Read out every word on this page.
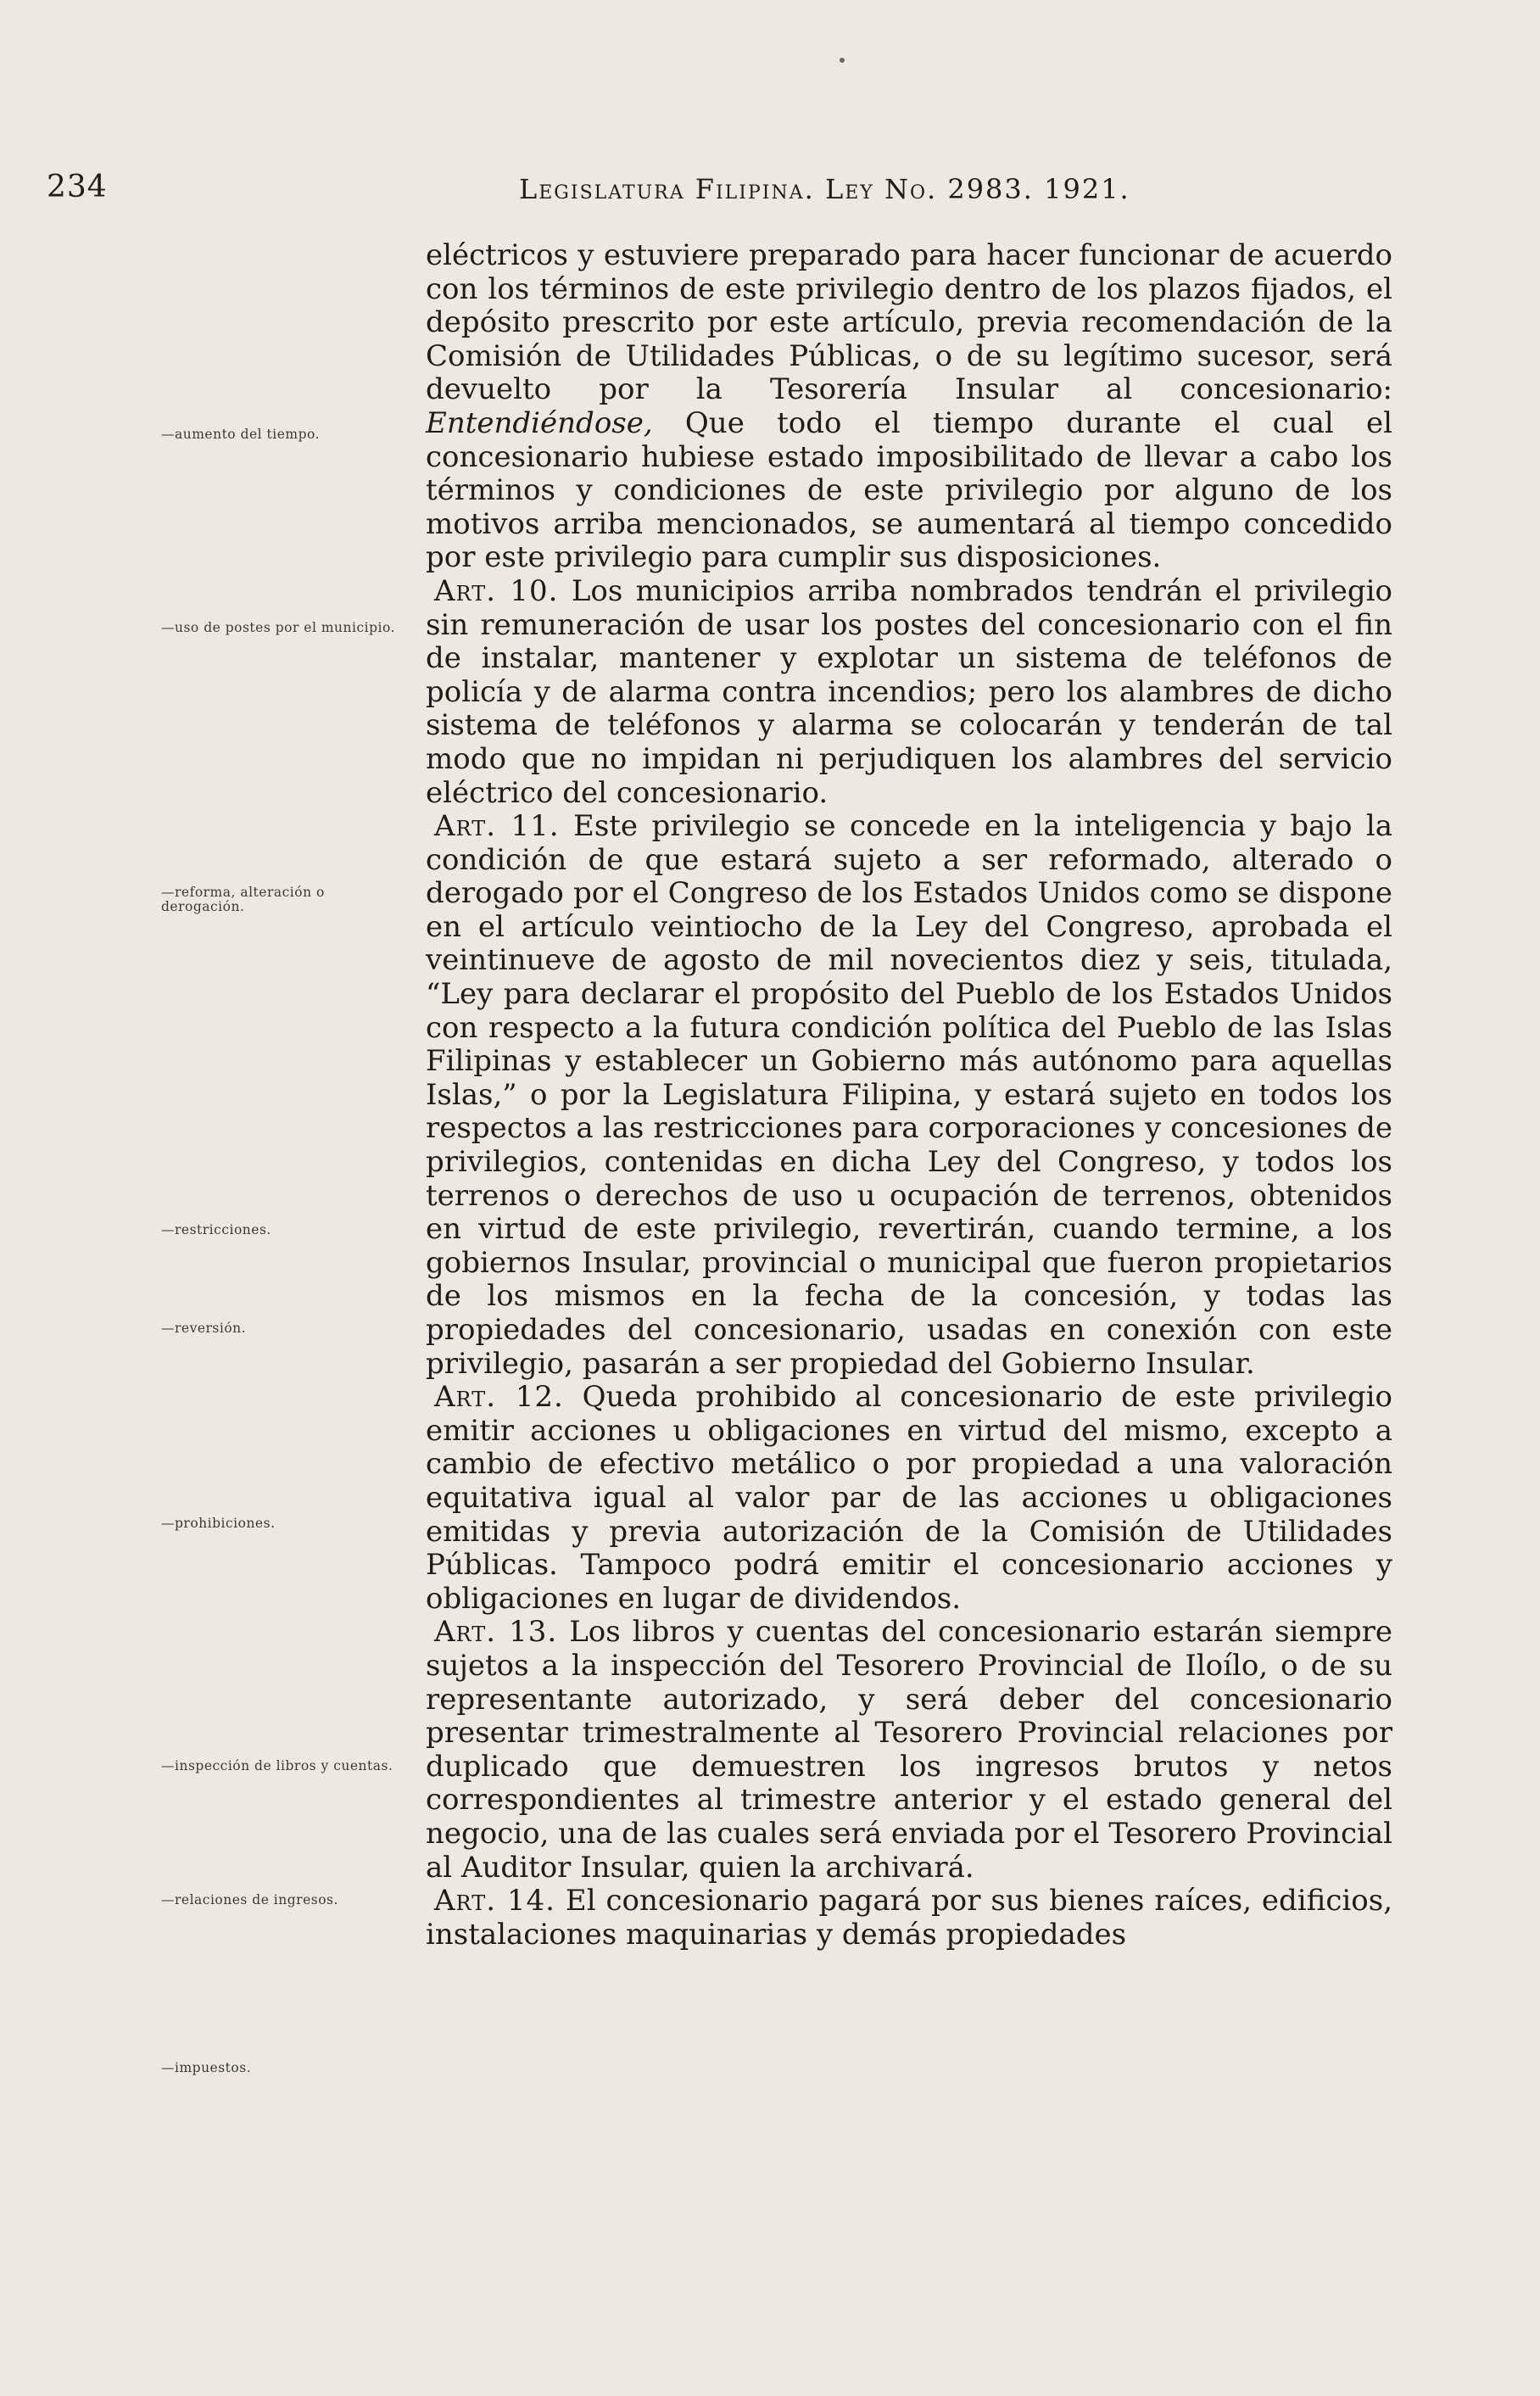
234	Legislatura Filipina. Ley No. 2983. 1921.
—aumento del tiempo.
—uso de postes por el municipio.
—reforma, alteración o derogación.
—restricciones.
—reversión.
—prohibiciones.
—inspección de libros y cuentas.
—relaciones de ingresos.
—impuestos.

eléctricos y estuviere preparado para hacer funcionar de acuerdo con los términos de este privilegio dentro de los plazos fijados, el depósito prescrito por este artículo, previa recomendación de la Comisión de Utilidades Públicas, o de su legítimo sucesor, será devuelto por la Tesorería Insular al concesionario: Entendiéndose, Que todo el tiempo durante el cual el concesionario hubiese estado imposibilitado de llevar a cabo los términos y condiciones de este privilegio por alguno de los motivos arriba mencionados, se aumentará al tiempo concedido por este privilegio para cumplir sus disposiciones.

Art. 10. Los municipios arriba nombrados tendrán el privilegio sin remuneración de usar los postes del concesionario con el fin de instalar, mantener y explotar un sistema de teléfonos de policía y de alarma contra incendios; pero los alambres de dicho sistema de teléfonos y alarma se colocarán y tenderán de tal modo que no impidan ni perjudiquen los alambres del servicio eléctrico del concesionario.

Art. 11. Este privilegio se concede en la inteligencia y bajo la condición de que estará sujeto a ser reformado, alterado o derogado por el Congreso de los Estados Unidos como se dispone en el artículo veintiocho de la Ley del Congreso, aprobada el veintinueve de agosto de mil novecientos diez y seis, titulada, “Ley para declarar el propósito del Pueblo de los Estados Unidos con respecto a la futura condición política del Pueblo de las Islas Filipinas y establecer un Gobierno más autónomo para aquellas Islas,” o por la Legislatura Filipina, y estará sujeto en todos los respectos a las restricciones para corporaciones y concesiones de privilegios, contenidas en dicha Ley del Congreso, y todos los terrenos o derechos de uso u ocupación de terrenos, obtenidos en virtud de este privilegio, revertirán, cuando termine, a los gobiernos Insular, provincial o municipal que fueron propietarios de los mismos en la fecha de la concesión, y todas las propiedades del concesionario, usadas en conexión con este privilegio, pasarán a ser propiedad del Gobierno Insular.

Art. 12. Queda prohibido al concesionario de este privilegio emitir acciones u obligaciones en virtud del mismo, excepto a cambio de efectivo metálico o por propiedad a una valoración equitativa igual al valor par de las acciones u obligaciones emitidas y previa autorización de la Comisión de Utilidades Públicas. Tampoco podrá emitir el concesionario acciones y obligaciones en lugar de dividendos.

Art. 13. Los libros y cuentas del concesionario estarán siempre sujetos a la inspección del Tesorero Provincial de Iloílo, o de su representante autorizado, y será deber del concesionario presentar trimestralmente al Tesorero Provincial relaciones por duplicado que demuestren los ingresos brutos y netos correspondientes al trimestre anterior y el estado general del negocio, una de las cuales será enviada por el Tesorero Provincial al Auditor Insular, quien la archivará.

Art. 14. El concesionario pagará por sus bienes raíces, edificios, instalaciones maquinarias y demás propiedades
